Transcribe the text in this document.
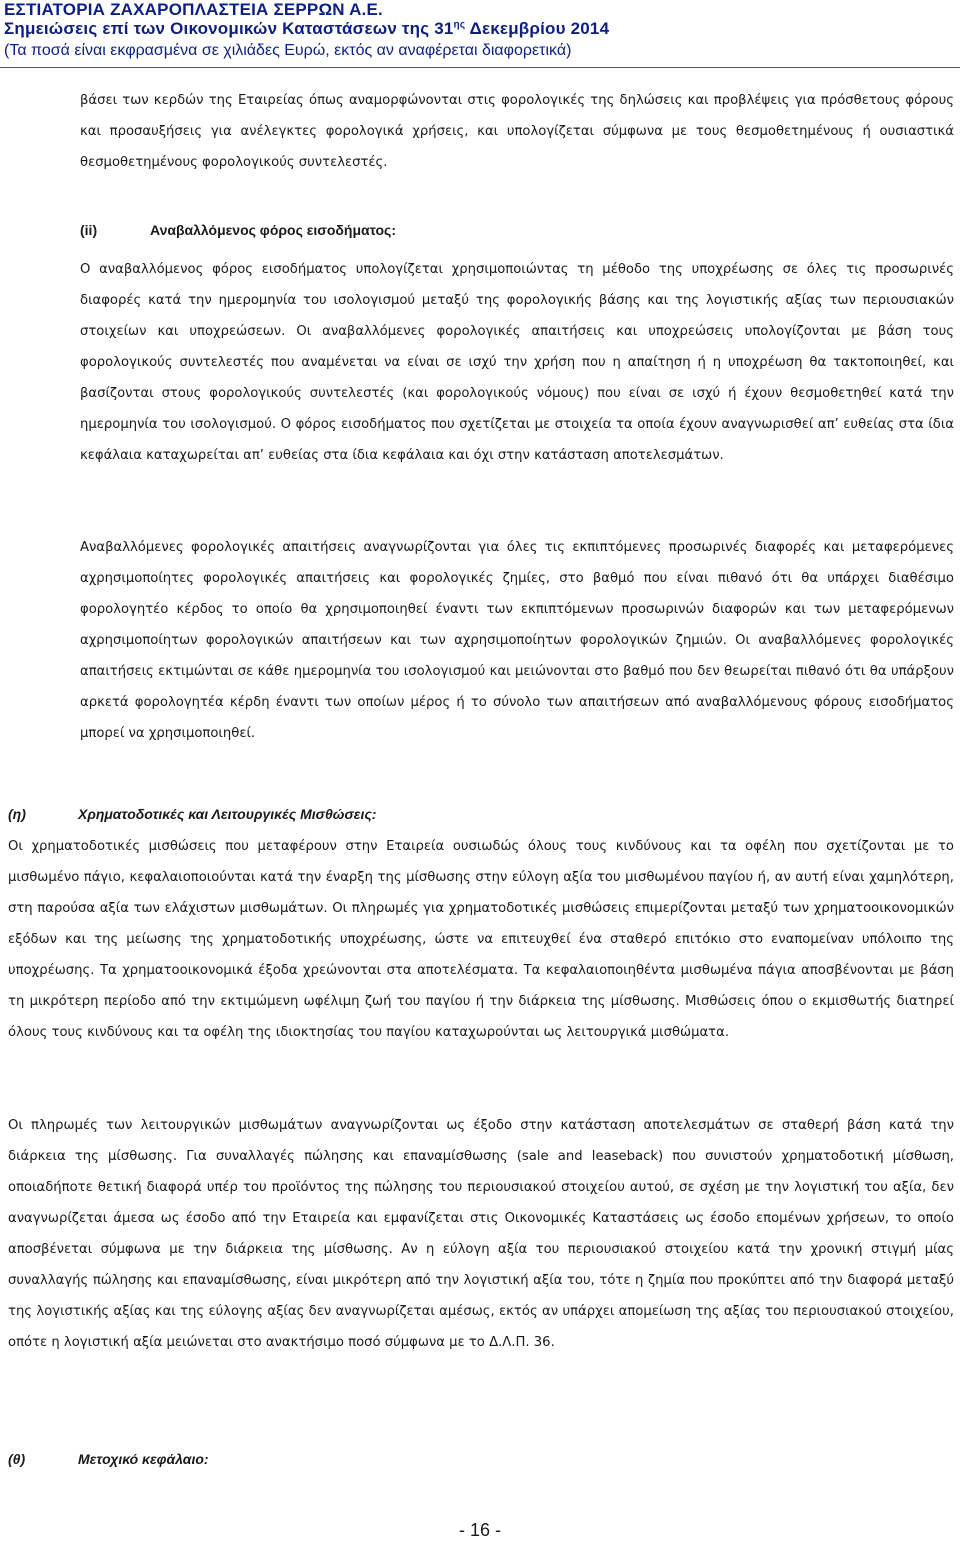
ΕΣΤΙΑΤΟΡΙΑ ΖΑΧΑΡΟΠΛΑΣΤΕΙΑ ΣΕΡΡΩΝ Α.Ε.
Σημειώσεις επί των Οικονομικών Καταστάσεων της $31^{\eta\varsigma}$ Δεκεμβρίου 2014
(Τα ποσά είναι εκφρασμένα σε χιλιάδες Ευρώ, εκτός αν αναφέρεται διαφορετικά)

βάσει των κερδών της Εταιρείας όπως αναμορφώνονται στις φορολογικές της δηλώσεις και προβλέψεις για πρόσθετους φόρους και προσαυξήσεις για ανέλεγκτες φορολογικά χρήσεις, και υπολογίζεται σύμφωνα με τους θεσμοθετημένους ή ουσιαστικά θεσμοθετημένους φορολογικούς συντελεστές.

(ii)	Αναβαλλόμενος φόρος εισοδήματος:

Ο αναβαλλόμενος φόρος εισοδήματος υπολογίζεται χρησιμοποιώντας τη μέθοδο της υποχρέωσης σε όλες τις προσωρινές διαφορές κατά την ημερομηνία του ισολογισμού μεταξύ της φορολογικής βάσης και της λογιστικής αξίας των περιουσιακών στοιχείων και υποχρεώσεων. Οι αναβαλλόμενες φορολογικές απαιτήσεις και υποχρεώσεις υπολογίζονται με βάση τους φορολογικούς συντελεστές που αναμένεται να είναι σε ισχύ την χρήση που η απαίτηση ή η υποχρέωση θα τακτοποιηθεί, και βασίζονται στους φορολογικούς συντελεστές (και φορολογικούς νόμους) που είναι σε ισχύ ή έχουν θεσμοθετηθεί κατά την ημερομηνία του ισολογισμού. Ο φόρος εισοδήματος που σχετίζεται με στοιχεία τα οποία έχουν αναγνωρισθεί απ’ ευθείας στα ίδια κεφάλαια καταχωρείται απ’ ευθείας στα ίδια κεφάλαια και όχι στην κατάσταση αποτελεσμάτων.

Αναβαλλόμενες φορολογικές απαιτήσεις αναγνωρίζονται για όλες τις εκπιπτόμενες προσωρινές διαφορές και μεταφερόμενες αχρησιμοποίητες φορολογικές απαιτήσεις και φορολογικές ζημίες, στο βαθμό που είναι πιθανό ότι θα υπάρχει διαθέσιμο φορολογητέο κέρδος το οποίο θα χρησιμοποιηθεί έναντι των εκπιπτόμενων προσωρινών διαφορών και των μεταφερόμενων αχρησιμοποίητων φορολογικών απαιτήσεων και των αχρησιμοποίητων φορολογικών ζημιών. Οι αναβαλλόμενες φορολογικές απαιτήσεις εκτιμώνται σε κάθε ημερομηνία του ισολογισμού και μειώνονται στο βαθμό που δεν θεωρείται πιθανό ότι θα υπάρξουν αρκετά φορολογητέα κέρδη έναντι των οποίων μέρος ή το σύνολο των απαιτήσεων από αναβαλλόμενους φόρους εισοδήματος μπορεί να χρησιμοποιηθεί.

(η)	Χρηματοδοτικές και Λειτουργικές Μισθώσεις:

Οι χρηματοδοτικές μισθώσεις που μεταφέρουν στην Εταιρεία ουσιωδώς όλους τους κινδύνους και τα οφέλη που σχετίζονται με το μισθωμένο πάγιο, κεφαλαιοποιούνται κατά την έναρξη της μίσθωσης στην εύλογη αξία του μισθωμένου παγίου ή, αν αυτή είναι χαμηλότερη, στη παρούσα αξία των ελάχιστων μισθωμάτων. Οι πληρωμές για χρηματοδοτικές μισθώσεις επιμερίζονται μεταξύ των χρηματοοικονομικών εξόδων και της μείωσης της χρηματοδοτικής υποχρέωσης, ώστε να επιτευχθεί ένα σταθερό επιτόκιο στο εναπομείναν υπόλοιπο της υποχρέωσης. Τα χρηματοοικονομικά έξοδα χρεώνονται στα αποτελέσματα. Τα κεφαλαιοποιηθέντα μισθωμένα πάγια αποσβένονται με βάση τη μικρότερη περίοδο από την εκτιμώμενη ωφέλιμη ζωή του παγίου ή την διάρκεια της μίσθωσης. Μισθώσεις όπου ο εκμισθωτής διατηρεί όλους τους κινδύνους και τα οφέλη της ιδιοκτησίας του παγίου καταχωρούνται ως λειτουργικά μισθώματα.

Οι πληρωμές των λειτουργικών μισθωμάτων αναγνωρίζονται ως έξοδο στην κατάσταση αποτελεσμάτων σε σταθερή βάση κατά την διάρκεια της μίσθωσης. Για συναλλαγές πώλησης και επαναμίσθωσης (sale and leaseback) που συνιστούν χρηματοδοτική μίσθωση, οποιαδήποτε θετική διαφορά υπέρ του προϊόντος της πώλησης του περιουσιακού στοιχείου αυτού, σε σχέση με την λογιστική του αξία, δεν αναγνωρίζεται άμεσα ως έσοδο από την Εταιρεία και εμφανίζεται στις Οικονομικές Καταστάσεις ως έσοδο επομένων χρήσεων, το οποίο αποσβένεται σύμφωνα με την διάρκεια της μίσθωσης. Αν η εύλογη αξία του περιουσιακού στοιχείου κατά την χρονική στιγμή μίας συναλλαγής πώλησης και επαναμίσθωσης, είναι μικρότερη από την λογιστική αξία του, τότε η ζημία που προκύπτει από την διαφορά μεταξύ της λογιστικής αξίας και της εύλογης αξίας δεν αναγνωρίζεται αμέσως, εκτός αν υπάρχει απομείωση της αξίας του περιουσιακού στοιχείου, οπότε η λογιστική αξία μειώνεται στο ανακτήσιμο ποσό σύμφωνα με το Δ.Λ.Π. 36.

(θ)	Μετοχικό κεφάλαιο:
- 16 -
